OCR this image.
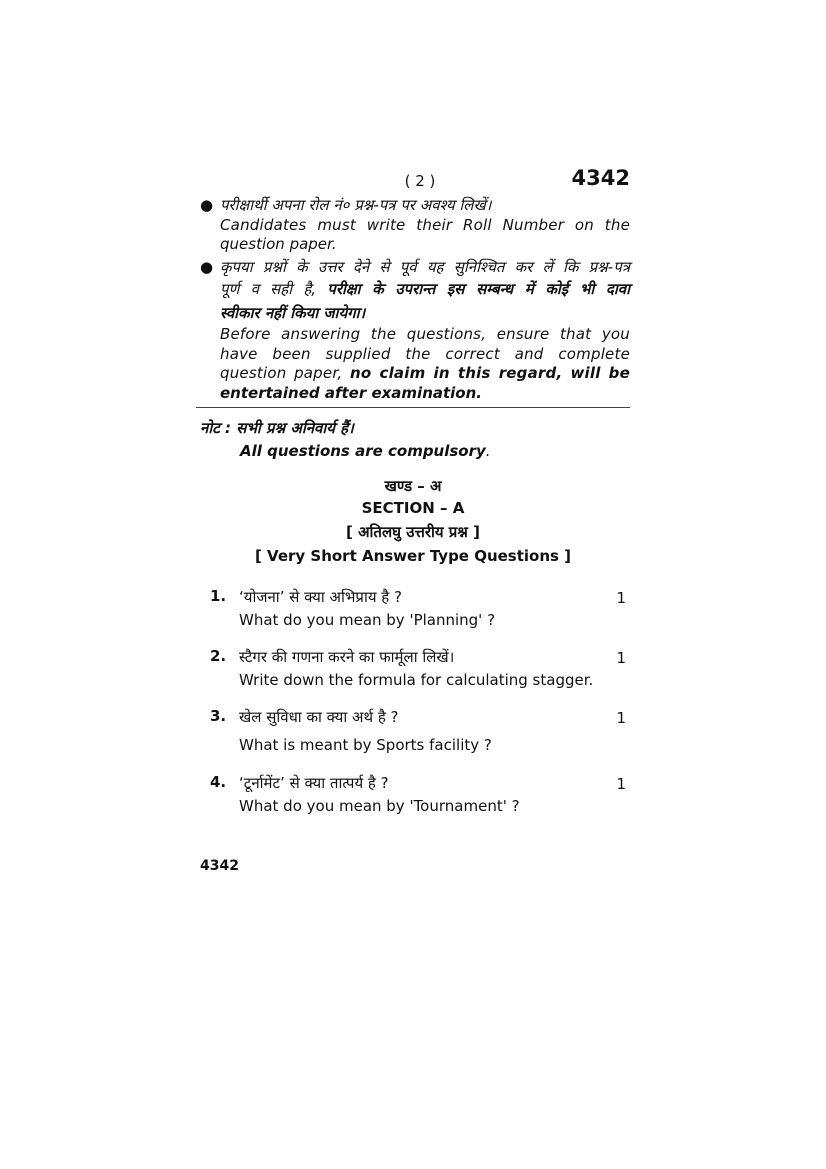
( 2 )	4342
● परीक्षार्थी अपना रोल नं० प्रश्न-पत्र पर अवश्य लिखें।
Candidates must write their Roll Number on the
question paper.
● कृपया प्रश्नों के उत्तर देने से पूर्व यह सुनिश्चित कर लें कि प्रश्न-पत्र
पूर्ण व सही है, परीक्षा के उपरान्त इस सम्बन्ध में कोई भी दावा
स्वीकार नहीं किया जायेगा।
Before answering the questions, ensure that you
have been supplied the correct and complete
question paper, no claim in this regard, will be
entertained after examination.
नोट : सभी प्रश्न अनिवार्य हैं।
All questions are compulsory.
खण्ड – अ
SECTION – A
[ अतिलघु उत्तरीय प्रश्न ]
[ Very Short Answer Type Questions ]
1. ‘योजना’ से क्या अभिप्राय है ?
What do you mean by 'Planning' ?
1
2. स्टैगर की गणना करने का फार्मूला लिखें।
Write down the formula for calculating stagger.
1
3. खेल सुविधा का क्या अर्थ है ?
What is meant by Sports facility ?
1
4. ‘टूर्नामेंट’ से क्या तात्पर्य है ?
What do you mean by 'Tournament' ?
1
4342
